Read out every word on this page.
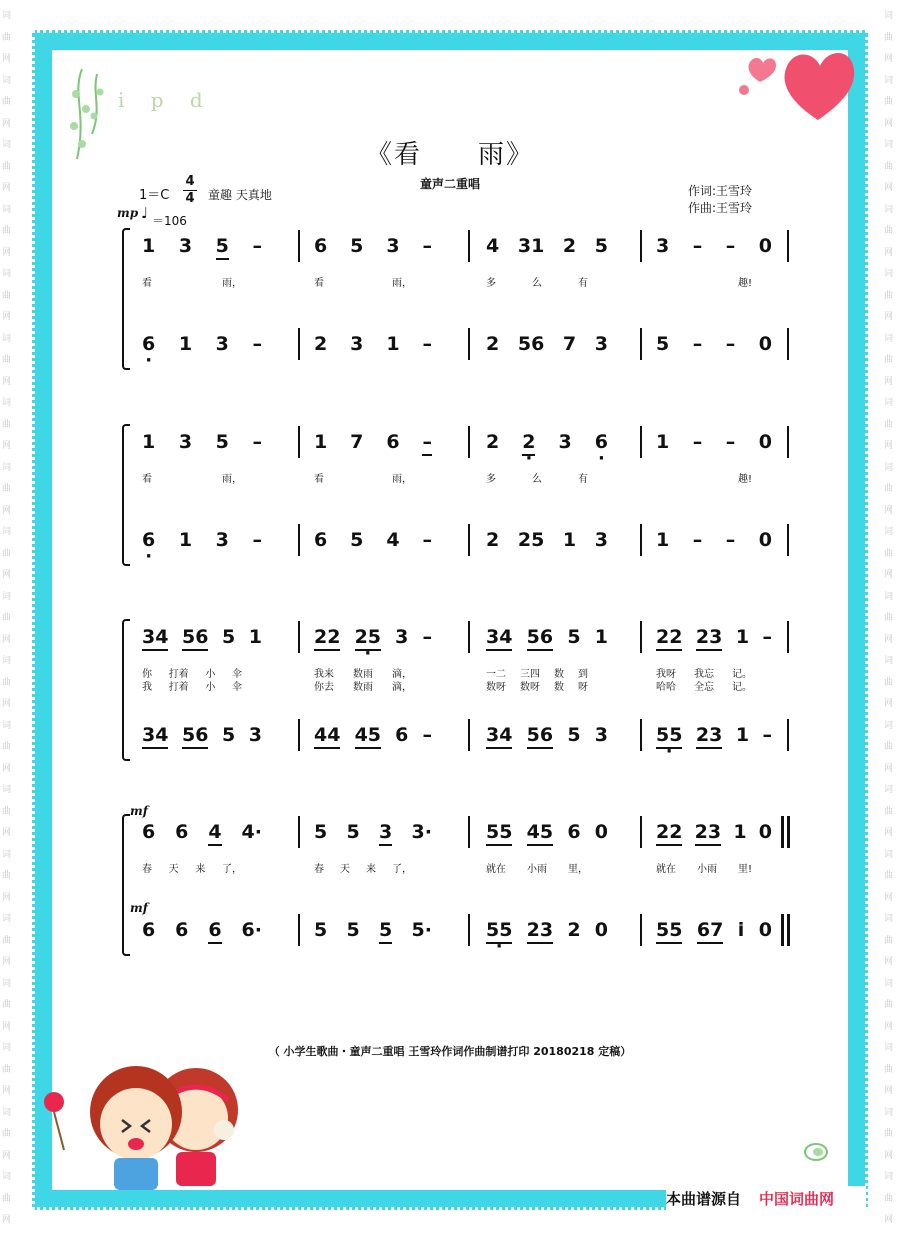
词
曲
网
词
曲
网
词
曲
网
词
曲
网
词
曲
网
词
曲
网
词
曲
网
词
曲
网
词
曲
网
词
曲
网
词
曲
网
词
曲
网
词
曲
网
词
曲
网
词
曲
网
词
曲
网
词
曲
网
词
曲
网
词
曲
网
词
曲
网
词
曲
网
词
曲
网
词
曲
网
词
曲
网
词
曲
网
词
曲
网
词
曲
网
词
曲
网
词
曲
网
词
曲
网
词
曲
网
词
曲
网
词
曲
网
词
曲
网
词
曲
网
词
曲
网
词
曲
网
词
曲
网
i p d
《看　　雨》
童声二重唱	作词:王雪玲
作曲:王雪玲
1＝C
4
4 童趣 天真地
mp ♩ ＝106
1 3 5 –	6 5 3 –	4 31 2 5	3 – – 0
· 6 1 3 –	2 3 1 –	2 56 7 3	5 – – 0
看	雨，	看	雨，	多	么	有	趣!
1 3 5 –	1 7 6 –	2 · 2 3 · 6	1 – – 0
· 6 1 3 –	6 5 4 –	2 25 1 3	1 – – 0
看	雨，	看	雨，	多	么	有	趣!
34 56 5 1	22 · 25 3 –	34 56 5 1	22 23 1 –
34 56 5 3	44 45 6 –	34 56 5 3	· 55 23 1 –
你 打着 小 伞	我来 数雨 滴，	一二 三四 数 到	我呀 我忘 记。
我 打着 小 伞	你去 数雨 滴，	数呀 数呀 数 呀	哈哈 全忘 记。
6 6 4 4·	5 5 3 3·	55 45 6 0	22 23 1 0
6 6 6 6·	5 5 5 5·	· 55 23 2 0	55 67 i 0
春 天 来 了，	春 天 来 了，	就在 小雨 里，	就在 小雨 里!
mf
mf
（ 小学生歌曲・童声二重唱 王雪玲作词作曲制谱打印 20180218 定稿）
本曲谱源自 中国词曲网
